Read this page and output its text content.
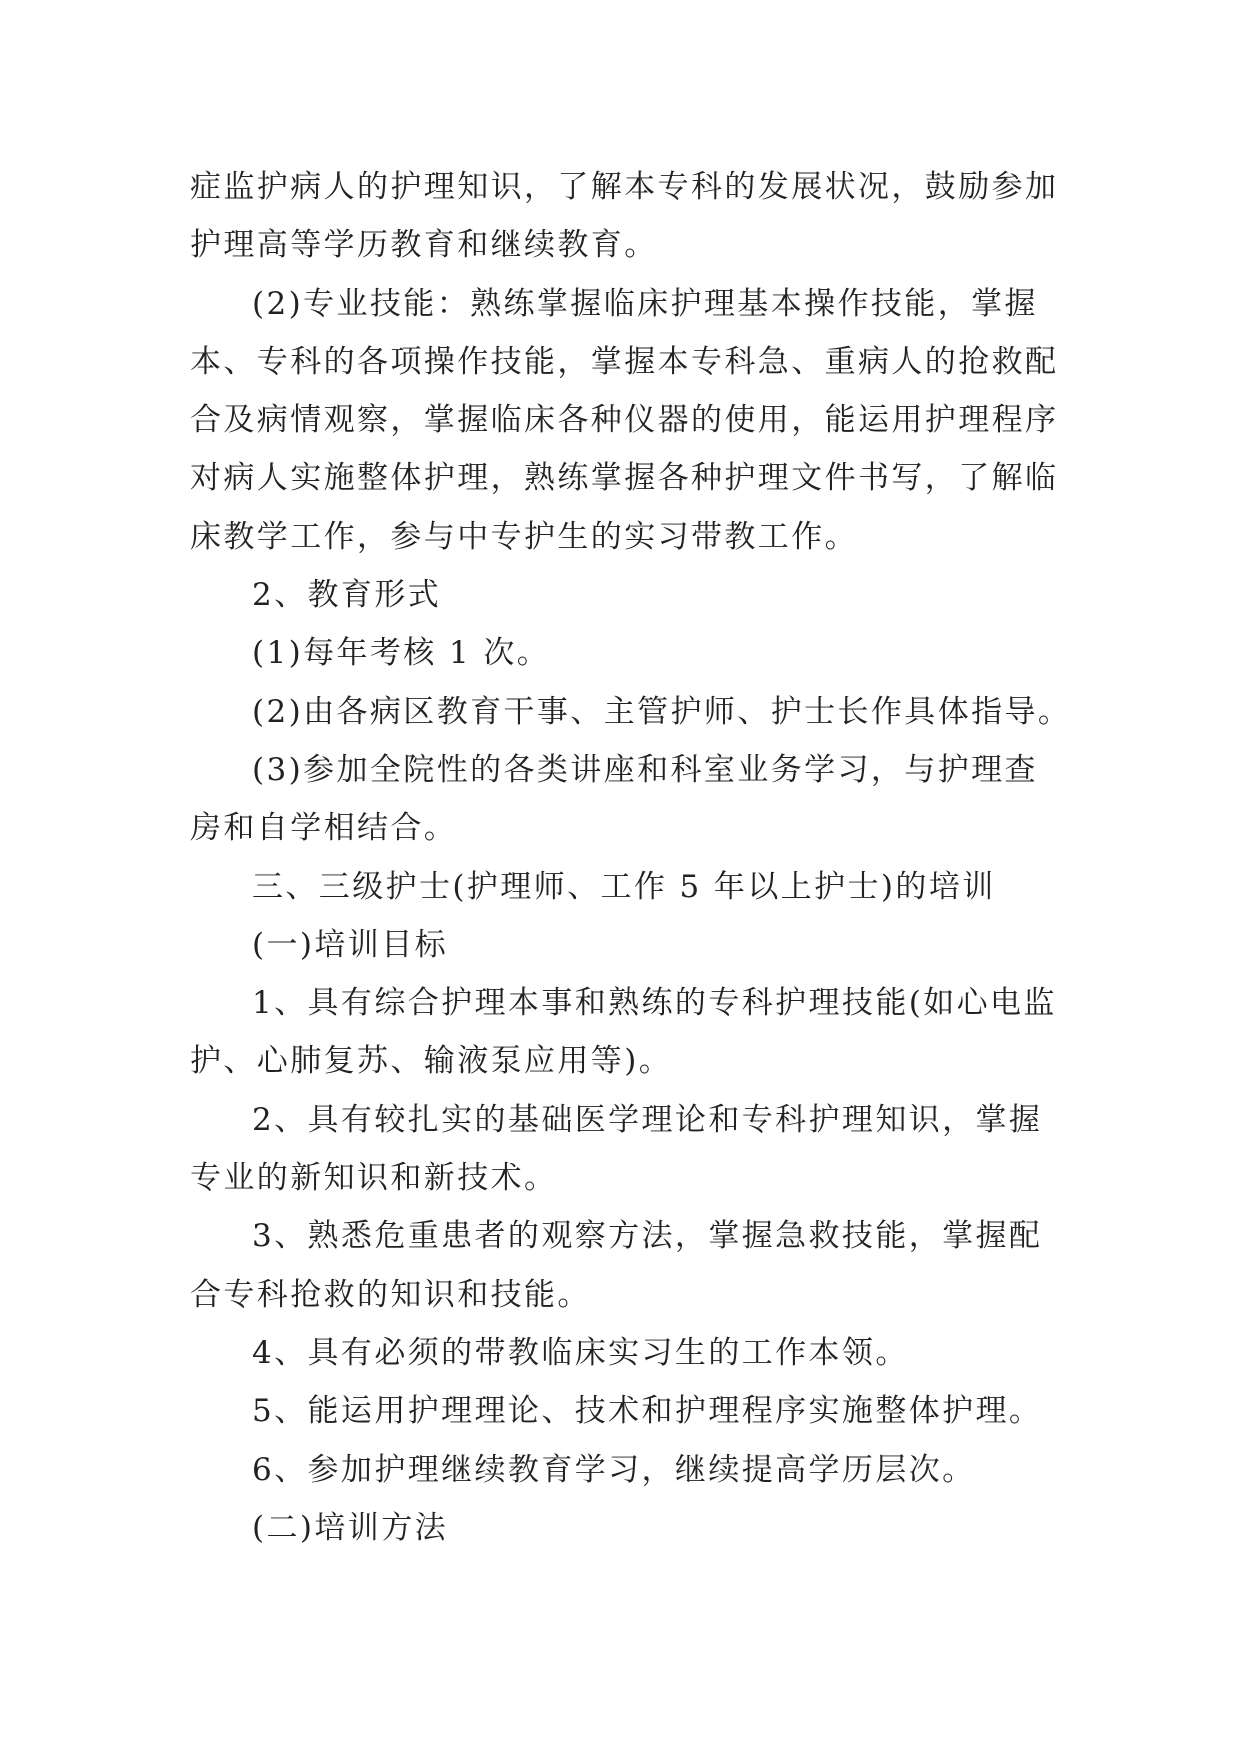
症监护病人的护理知识，了解本专科的发展状况，鼓励参加
护理高等学历教育和继续教育。
(2)专业技能：熟练掌握临床护理基本操作技能，掌握
本、专科的各项操作技能，掌握本专科急、重病人的抢救配
合及病情观察，掌握临床各种仪器的使用，能运用护理程序
对病人实施整体护理，熟练掌握各种护理文件书写，了解临
床教学工作，参与中专护生的实习带教工作。
2、教育形式
(1)每年考核 1 次。
(2)由各病区教育干事、主管护师、护士长作具体指导。
(3)参加全院性的各类讲座和科室业务学习，与护理查
房和自学相结合。
三、三级护士(护理师、工作 5 年以上护士)的培训
(一)培训目标
1、具有综合护理本事和熟练的专科护理技能(如心电监
护、心肺复苏、输液泵应用等)。
2、具有较扎实的基础医学理论和专科护理知识，掌握
专业的新知识和新技术。
3、熟悉危重患者的观察方法，掌握急救技能，掌握配
合专科抢救的知识和技能。
4、具有必须的带教临床实习生的工作本领。
5、能运用护理理论、技术和护理程序实施整体护理。
6、参加护理继续教育学习，继续提高学历层次。
(二)培训方法
